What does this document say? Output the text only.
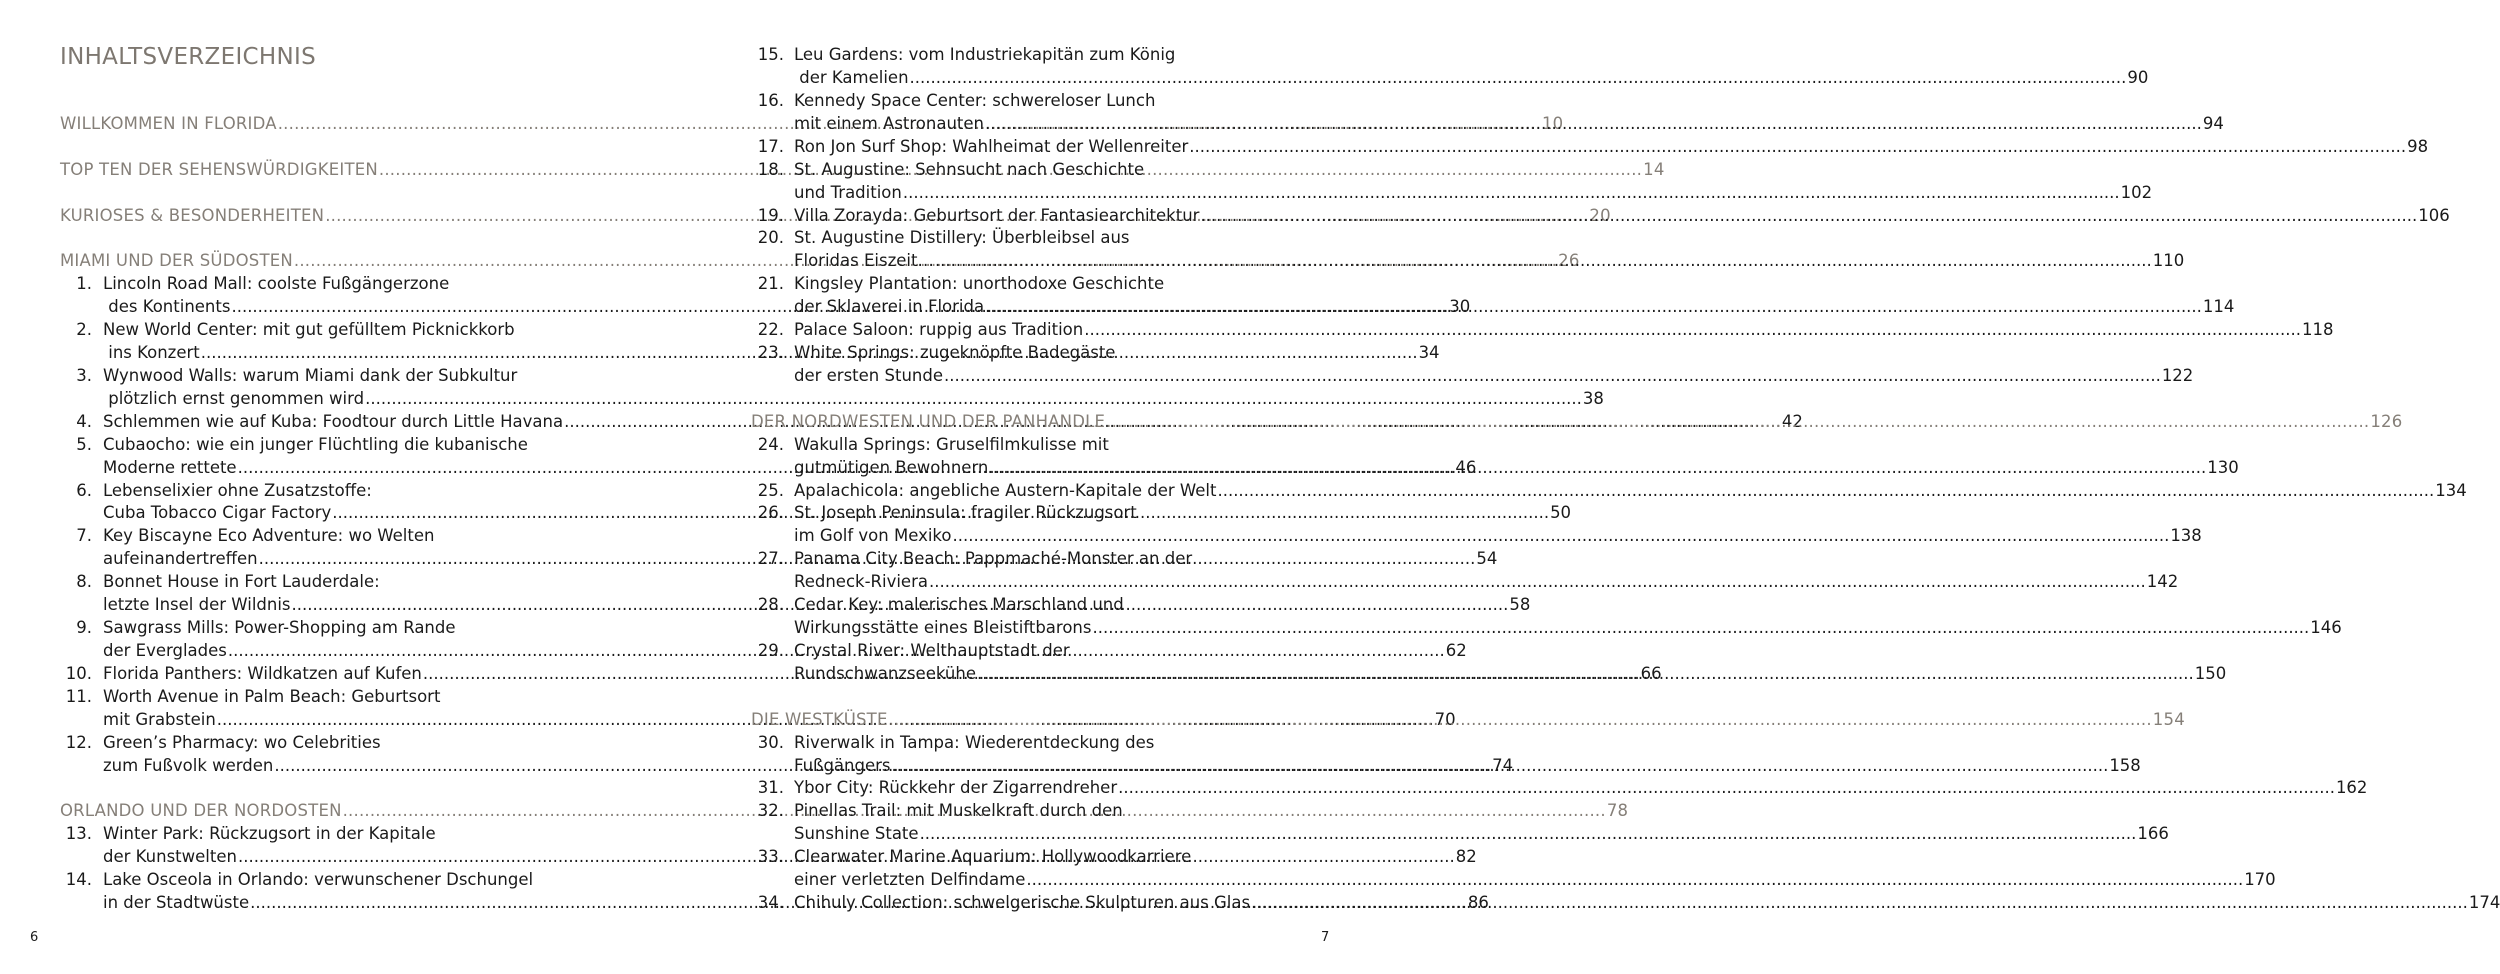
INHALTSVERZEICHNIS
WILLKOMMEN IN FLORIDA .....	10
TOP TEN DER SEHENSWÜRDIGKEITEN .....	14
KURIOSES & BESONDERHEITEN .....	20
MIAMI UND DER SÜDOSTEN .....	26
1. Lincoln Road Mall: coolste Fußgängerzone
des Kontinents .....	30
2. New World Center: mit gut gefülltem Picknickkorb
ins Konzert .....	34
3. Wynwood Walls: warum Miami dank der Subkultur
plötzlich ernst genommen wird .....	38
4. Schlemmen wie auf Kuba: Foodtour durch Little Havana .....	42
5. Cubaocho: wie ein junger Flüchtling die kubanische
Moderne rettete .....	46
6. Lebenselixier ohne Zusatzstoffe:
Cuba Tobacco Cigar Factory .....	50
7. Key Biscayne Eco Adventure: wo Welten
aufeinandertreffen .....	54
8. Bonnet House in Fort Lauderdale:
letzte Insel der Wildnis .....	58
9. Sawgrass Mills: Power-Shopping am Rande
der Everglades .....	62
10. Florida Panthers: Wildkatzen auf Kufen .....	66
11. Worth Avenue in Palm Beach: Geburtsort
mit Grabstein .....	70
12. Green’s Pharmacy: wo Celebrities
zum Fußvolk werden .....	74
ORLANDO UND DER NORDOSTEN .....	78
13. Winter Park: Rückzugsort in der Kapitale
der Kunstwelten .....	82
14. Lake Osceola in Orlando: verwunschener Dschungel
in der Stadtwüste .....	86
15. Leu Gardens: vom Industriekapitän zum König
der Kamelien .....	90
16. Kennedy Space Center: schwereloser Lunch
mit einem Astronauten .....	94
17. Ron Jon Surf Shop: Wahlheimat der Wellenreiter .....	98
18. St. Augustine: Sehnsucht nach Geschichte
und Tradition .....	102
19. Villa Zorayda: Geburtsort der Fantasiearchitektur .....	106
20. St. Augustine Distillery: Überbleibsel aus
Floridas Eiszeit… .....	110
21. Kingsley Plantation: unorthodoxe Geschichte
der Sklaverei in Florida .....	114
22. Palace Saloon: ruppig aus Tradition .....	118
23. White Springs: zugeknöpfte Badegäste
der ersten Stunde .....	122
DER NORDWESTEN UND DER PANHANDLE .....	126
24. Wakulla Springs: Gruselfilmkulisse mit
gutmütigen Bewohnern .....	130
25. Apalachicola: angebliche Austern-Kapitale der Welt .....	134
26. St. Joseph Peninsula: fragiler Rückzugsort
im Golf von Mexiko .....	138
27. Panama City Beach: Pappmaché-Monster an der
Redneck-Riviera .....	142
28. Cedar Key: malerisches Marschland und
Wirkungsstätte eines Bleistiftbarons .....	146
29. Crystal River: Welthauptstadt der
Rundschwanzseekühe .....	150
DIE WESTKÜSTE .....	154
30. Riverwalk in Tampa: Wiederentdeckung des
Fußgängers .....	158
31. Ybor City: Rückkehr der Zigarrendreher .....	162
32. Pinellas Trail: mit Muskelkraft durch den
Sunshine State .....	166
33. Clearwater Marine Aquarium: Hollywoodkarriere
einer verletzten Delfindame .....	170
34. Chihuly Collection: schwelgerische Skulpturen aus Glas .....	174
6	7
